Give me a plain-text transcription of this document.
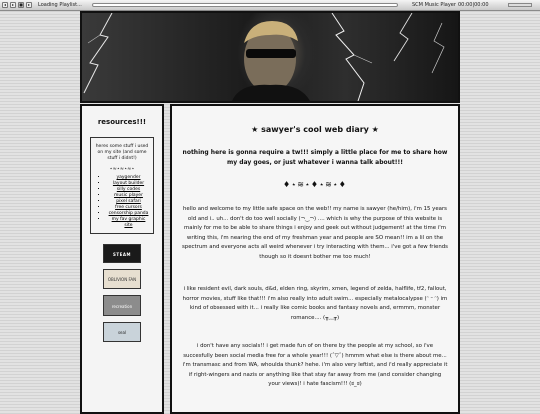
◂ ▸ ■ ▸ Loading Playlist...	SCM Music Player 00:00|00:00
resources!!!
heres some stuff i used on my site (and some stuff i didnt!)
⋆≈⋆≈⋆≈⋆
▪ yaygender
▪ layout builder
▪ silly codes
▪ music player
▪ pixel safari
▪ free cursors
▪ censorship panda
▪ my fav graphic site
STEAM
OBLIVION FAN
recreation
seal
★ sawyer's cool web diary ★

nothing here is gonna require a tw!!! simply a little place for me to share how my day goes, or just whatever i wanna talk about!!!

♦⋆≋⋆♦⋆≋⋆♦

hello and welcome to my little safe space on the web!! my name is sawyer (he/him), i'm 15 years old and i.. uh... don't do too well socially (¬‿¬) .... which is why the purpose of this website is mainly for me to be able to share things i enjoy and geek out without judgement! at the time i'm writing this, i'm nearing the end of my freshman year and people are SO mean!! im a lil on the spectrum and everyone acts all weird whenever i try interacting with them... i've got a few friends though so it doesnt bother me too much!

i like resident evil, dark souls, d&d, elden ring, skyrim, xmen, legend of zelda, halflife, tf2, fallout, horror movies, stuff like that!!! i'm also really into adult swim... especially metalocalypse (ᵔ ᵕ ᵔ) im kind of obsessed with it... i really like comic books and fantasy novels and, ermmm, monster romance.... (╥﹏╥)

i don't have any socials!! i get made fun of on there by the people at my school, so i've succesfully been social media free for a whole year!!! (ˆ▽ˆ) hmmm what else is there about me... i'm transmasc and from WA, whoulda thunk? hehe. i'm also very leftist, and i'd really appreciate it if right-wingers and nazis or anything like that stay far away from me (and consider changing your views)! i hate fascism!!! (ಠ_ಠ)
